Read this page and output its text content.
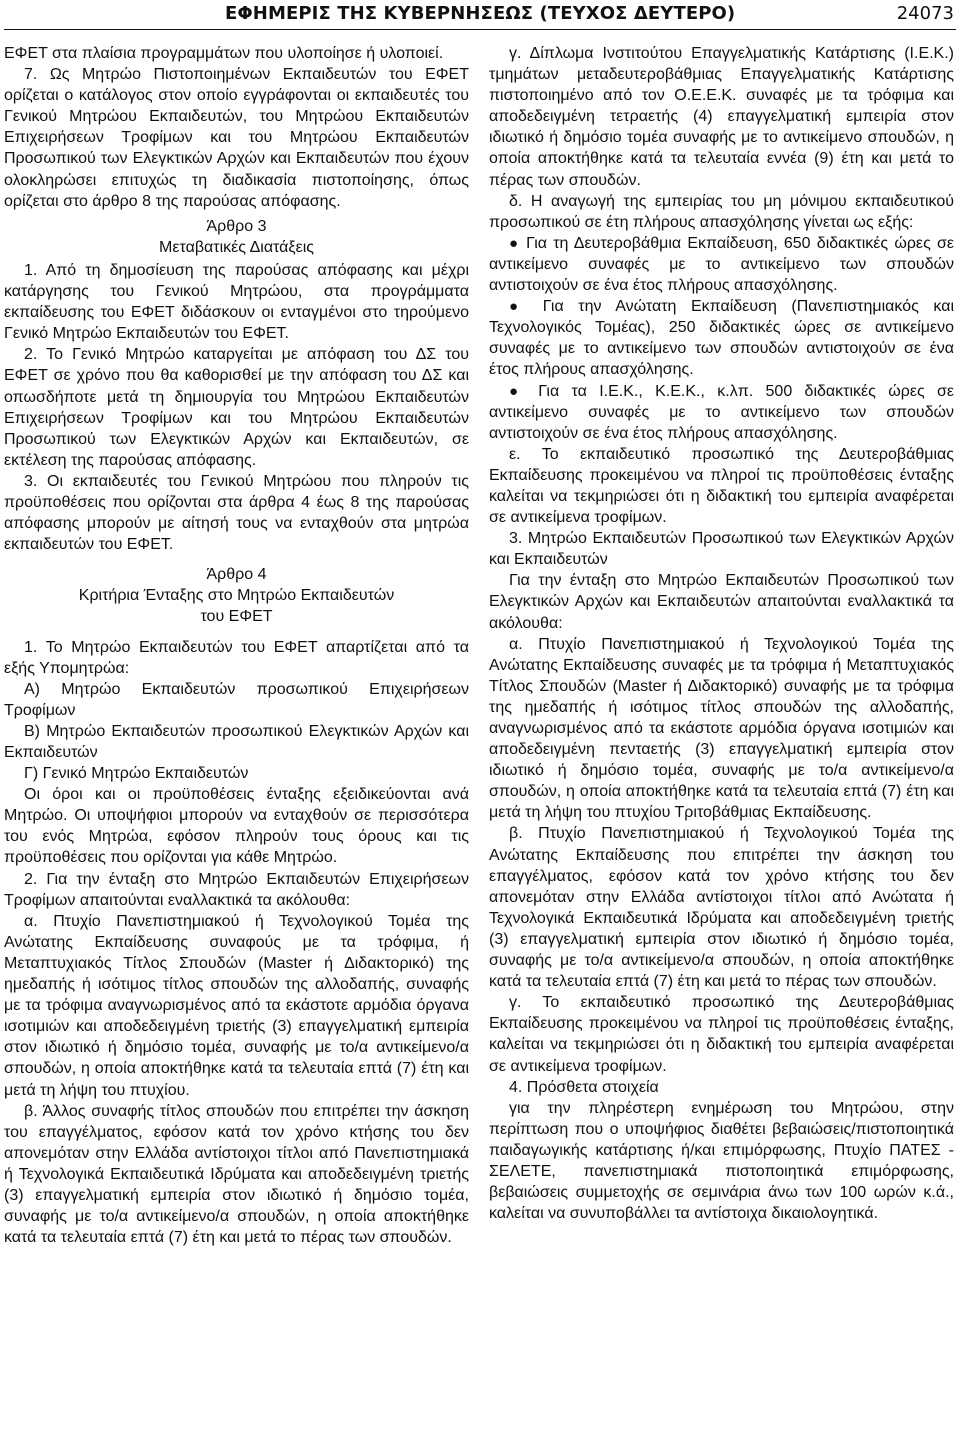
ΕΦΗΜΕΡΙΣ ΤΗΣ ΚΥΒΕΡΝΗΣΕΩΣ (ΤΕΥΧΟΣ ΔΕΥΤΕΡΟ)	24073

ΕΦΕΤ στα πλαίσια προγραμμάτων που υλοποίησε ή υλοποιεί.

7. Ως Μητρώο Πιστοποιημένων Εκπαιδευτών του ΕΦΕΤ ορίζεται ο κατάλογος στον οποίο εγγράφονται οι εκπαιδευτές του Γενικού Μητρώου Εκπαιδευτών, του Μητρώου Εκπαιδευτών Επιχειρήσεων Τροφίμων και του Μητρώου Εκπαιδευτών Προσωπικού των Ελεγκτικών Αρχών και Εκπαιδευτών που έχουν ολοκληρώσει επιτυχώς τη διαδικασία πιστοποίησης, όπως ορίζεται στο άρθρο 8 της παρούσας απόφασης.

Άρθρο 3

Μεταβατικές Διατάξεις

1. Από τη δημοσίευση της παρούσας απόφασης και μέχρι κατάργησης του Γενικού Μητρώου, στα προγράμματα εκπαίδευσης του ΕΦΕΤ διδάσκουν οι ενταγμένοι στο τηρούμενο Γενικό Μητρώο Εκπαιδευτών του ΕΦΕΤ.

2. Το Γενικό Μητρώο καταργείται με απόφαση του ΔΣ του ΕΦΕΤ σε χρόνο που θα καθορισθεί με την απόφαση του ΔΣ και οπωσδήποτε μετά τη δημιουργία του Μητρώου Εκπαιδευτών Επιχειρήσεων Τροφίμων και του Μητρώου Εκπαιδευτών Προσωπικού των Ελεγκτικών Αρχών και Εκπαιδευτών, σε εκτέλεση της παρούσας απόφασης.

3. Οι εκπαιδευτές του Γενικού Μητρώου που πληρούν τις προϋποθέσεις που ορίζονται στα άρθρα 4 έως 8 της παρούσας απόφασης μπορούν με αίτησή τους να ενταχθούν στα μητρώα εκπαιδευτών του ΕΦΕΤ.

Άρθρο 4

Κριτήρια Ένταξης στο Μητρώο Εκπαιδευτών

του ΕΦΕΤ

1. Το Μητρώο Εκπαιδευτών του ΕΦΕΤ απαρτίζεται από τα εξής Υπομητρώα:

Α) Μητρώο Εκπαιδευτών προσωπικού Επιχειρήσεων Τροφίμων

Β) Μητρώο Εκπαιδευτών προσωπικού Ελεγκτικών Αρχών και Εκπαιδευτών

Γ) Γενικό Μητρώο Εκπαιδευτών

Οι όροι και οι προϋποθέσεις ένταξης εξειδικεύονται ανά Μητρώο. Οι υποψήφιοι μπορούν να ενταχθούν σε περισσότερα του ενός Μητρώα, εφόσον πληρούν τους όρους και τις προϋποθέσεις που ορίζονται για κάθε Μητρώο.

2. Για την ένταξη στο Μητρώο Εκπαιδευτών Επιχειρήσεων Τροφίμων απαιτούνται εναλλακτικά τα ακόλουθα:

α. Πτυχίο Πανεπιστημιακού ή Τεχνολογικού Τομέα της Ανώτατης Εκπαίδευσης συναφούς με τα τρόφιμα, ή Μεταπτυχιακός Τίτλος Σπουδών (Master ή Διδακτορικό) της ημεδαπής ή ισότιμος τίτλος σπουδών της αλλοδαπής, συναφής με τα τρόφιμα αναγνωρισμένος από τα εκάστοτε αρμόδια όργανα ισοτιμιών και αποδεδειγμένη τριετής (3) επαγγελματική εμπειρία στον ιδιωτικό ή δημόσιο τομέα, συναφής με το/α αντικείμενο/α σπουδών, η οποία αποκτήθηκε κατά τα τελευταία επτά (7) έτη και μετά τη λήψη του πτυχίου.

β. Άλλος συναφής τίτλος σπουδών που επιτρέπει την άσκηση του επαγγέλματος, εφόσον κατά τον χρόνο κτήσης του δεν απονεμόταν στην Ελλάδα αντίστοιχοι τίτλοι από Πανεπιστημιακά ή Τεχνολογικά Εκπαιδευτικά Ιδρύματα και αποδεδειγμένη τριετής (3) επαγγελματική εμπειρία στον ιδιωτικό ή δημόσιο τομέα, συναφής με το/α αντικείμενο/α σπουδών, η οποία αποκτήθηκε κατά τα τελευταία επτά (7) έτη και μετά το πέρας των σπουδών.

γ. Δίπλωμα Ινστιτούτου Επαγγελματικής Κατάρτισης (Ι.Ε.Κ.) τμημάτων μεταδευτεροβάθμιας Επαγγελματικής Κατάρτισης πιστοποιημένο από τον Ο.Ε.Ε.Κ. συναφές με τα τρόφιμα και αποδεδειγμένη τετραετής (4) επαγγελματική εμπειρία στον ιδιωτικό ή δημόσιο τομέα συναφής με το αντικείμενο σπουδών, η οποία αποκτήθηκε κατά τα τελευταία εννέα (9) έτη και μετά το πέρας των σπουδών.

δ. Η αναγωγή της εμπειρίας του μη μόνιμου εκπαιδευτικού προσωπικού σε έτη πλήρους απασχόλησης γίνεται ως εξής:

● Για τη Δευτεροβάθμια Εκπαίδευση, 650 διδακτικές ώρες σε αντικείμενο συναφές με το αντικείμενο των σπουδών αντιστοιχούν σε ένα έτος πλήρους απασχόλησης.

● Για την Ανώτατη Εκπαίδευση (Πανεπιστημιακός και Τεχνολογικός Τομέας), 250 διδακτικές ώρες σε αντικείμενο συναφές με το αντικείμενο των σπουδών αντιστοιχούν σε ένα έτος πλήρους απασχόλησης.

● Για τα Ι.Ε.Κ., Κ.Ε.Κ., κ.λπ. 500 διδακτικές ώρες σε αντικείμενο συναφές με το αντικείμενο των σπουδών αντιστοιχούν σε ένα έτος πλήρους απασχόλησης.

ε. Το εκπαιδευτικό προσωπικό της Δευτεροβάθμιας Εκπαίδευσης προκειμένου να πληροί τις προϋποθέσεις ένταξης καλείται να τεκμηριώσει ότι η διδακτική του εμπειρία αναφέρεται σε αντικείμενα τροφίμων.

3. Μητρώο Εκπαιδευτών Προσωπικού των Ελεγκτικών Αρχών και Εκπαιδευτών

Για την ένταξη στο Μητρώο Εκπαιδευτών Προσωπικού των Ελεγκτικών Αρχών και Εκπαιδευτών απαιτούνται εναλλακτικά τα ακόλουθα:

α. Πτυχίο Πανεπιστημιακού ή Τεχνολογικού Τομέα της Ανώτατης Εκπαίδευσης συναφές με τα τρόφιμα ή Μεταπτυχιακός Τίτλος Σπουδών (Master ή Διδακτορικό) συναφής με τα τρόφιμα της ημεδαπής ή ισότιμος τίτλος σπουδών της αλλοδαπής, αναγνωρισμένος από τα εκάστοτε αρμόδια όργανα ισοτιμιών και αποδεδειγμένη πενταετής (3) επαγγελματική εμπειρία στον ιδιωτικό ή δημόσιο τομέα, συναφής με το/α αντικείμενο/α σπουδών, η οποία αποκτήθηκε κατά τα τελευταία επτά (7) έτη και μετά τη λήψη του πτυχίου Τριτοβάθμιας Εκπαίδευσης.

β. Πτυχίο Πανεπιστημιακού ή Τεχνολογικού Τομέα της Ανώτατης Εκπαίδευσης που επιτρέπει την άσκηση του επαγγέλματος, εφόσον κατά τον χρόνο κτήσης του δεν απονεμόταν στην Ελλάδα αντίστοιχοι τίτλοι από Ανώτατα ή Τεχνολογικά Εκπαιδευτικά Ιδρύματα και αποδεδειγμένη τριετής (3) επαγγελματική εμπειρία στον ιδιωτικό ή δημόσιο τομέα, συναφής με το/α αντικείμενο/α σπουδών, η οποία αποκτήθηκε κατά τα τελευταία επτά (7) έτη και μετά το πέρας των σπουδών.

γ. Το εκπαιδευτικό προσωπικό της Δευτεροβάθμιας Εκπαίδευσης προκειμένου να πληροί τις προϋποθέσεις ένταξης, καλείται να τεκμηριώσει ότι η διδακτική του εμπειρία αναφέρεται σε αντικείμενα τροφίμων.

4. Πρόσθετα στοιχεία

για την πληρέστερη ενημέρωση του Μητρώου, στην περίπτωση που ο υποψήφιος διαθέτει βεβαιώσεις/πιστοποιητικά παιδαγωγικής κατάρτισης ή/και επιμόρφωσης, Πτυχίο ΠΑΤΕΣ - ΣΕΛΕΤΕ, πανεπιστημιακά πιστοποιητικά επιμόρφωσης, βεβαιώσεις συμμετοχής σε σεμινάρια άνω των 100 ωρών κ.ά., καλείται να συνυποβάλλει τα αντίστοιχα δικαιολογητικά.
